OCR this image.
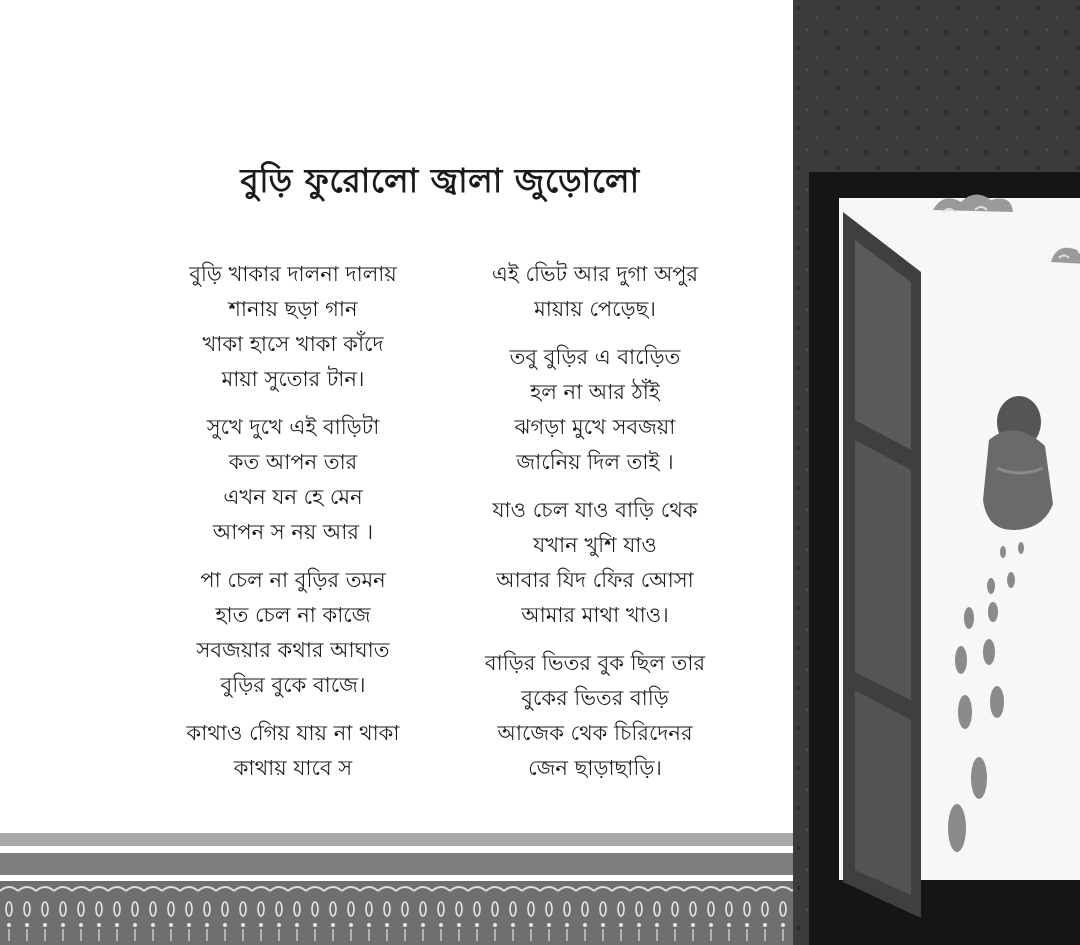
বুড়ি ফুরোলো জ্বালা জুড়োলো
বুড়ি খাকার দালনা দালায়
শানায় ছড়া গান
খাকা হাসে খাকা কাঁদে
মায়া সুতোর টান।
সুখে দুখে এই বাড়িটা
কত আপন তার
এখন যন হে মেন
আপন স নয় আর ।
পা চেল না বুড়ির তমন
হাত চেল না কাজে
সবজয়ার কথার আঘাত
বুড়ির বুকে বাজে।
কাথাও গিেয় যায় না থাকা
কাথায় যাবে স
এই ভিেট আর দুগা অপুর
মায়ায় পেড়েছ।
তবু বুড়ির এ বাড়িেত
হল না আর ঠাঁই
ঝগড়া মুখে সবজয়া
জানিেয় দিল তাই ।
যাও চেল যাও বাড়ি থেক
যখান খুশি যাও
আবার যিদ ফিের আেসা
আমার মাথা খাও।
বাড়ির ভিতর বুক ছিল তার
বুকের ভিতর বাড়ি
আজেক থেক চিরিদেনর
জেন ছাড়াছাড়ি।
